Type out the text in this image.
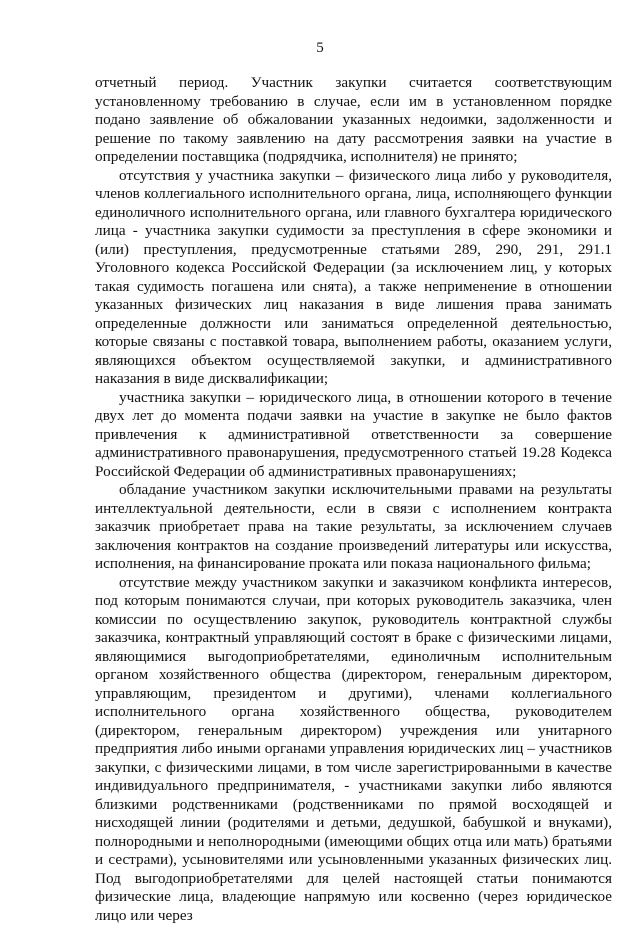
5

отчетный период. Участник закупки считается соответствующим установленному требованию в случае, если им в установленном порядке подано заявление об обжаловании указанных недоимки, задолженности и решение по такому заявлению на дату рассмотрения заявки на участие в определении поставщика (подрядчика, исполнителя) не принято;

отсутствия у участника закупки – физического лица либо у руководителя, членов коллегиального исполнительного органа, лица, исполняющего функции единоличного исполнительного органа, или главного бухгалтера юридического лица - участника закупки судимости за преступления в сфере экономики и (или) преступления, предусмотренные статьями 289, 290, 291, 291.1 Уголовного кодекса Российской Федерации (за исключением лиц, у которых такая судимость погашена или снята), а также неприменение в отношении указанных физических лиц наказания в виде лишения права занимать определенные должности или заниматься определенной деятельностью, которые связаны с поставкой товара, выполнением работы, оказанием услуги, являющихся объектом осуществляемой закупки, и административного наказания в виде дисквалификации;

участника закупки – юридического лица, в отношении которого в течение двух лет до момента подачи заявки на участие в закупке не было фактов привлечения к административной ответственности за совершение административного правонарушения, предусмотренного статьей 19.28 Кодекса Российской Федерации об административных правонарушениях;

обладание участником закупки исключительными правами на результаты интеллектуальной деятельности, если в связи с исполнением контракта заказчик приобретает права на такие результаты, за исключением случаев заключения контрактов на создание произведений литературы или искусства, исполнения, на финансирование проката или показа национального фильма;

отсутствие между участником закупки и заказчиком конфликта интересов, под которым понимаются случаи, при которых руководитель заказчика, член комиссии по осуществлению закупок, руководитель контрактной службы заказчика, контрактный управляющий состоят в браке с физическими лицами, являющимися выгодоприобретателями, единоличным исполнительным органом хозяйственного общества (директором, генеральным директором, управляющим, президентом и другими), членами коллегиального исполнительного органа хозяйственного общества, руководителем (директором, генеральным директором) учреждения или унитарного предприятия либо иными органами управления юридических лиц – участников закупки, с физическими лицами, в том числе зарегистрированными в качестве индивидуального предпринимателя, - участниками закупки либо являются близкими родственниками (родственниками по прямой восходящей и нисходящей линии (родителями и детьми, дедушкой, бабушкой и внуками), полнородными и неполнородными (имеющими общих отца или мать) братьями и сестрами), усыновителями или усыновленными указанных физических лиц. Под выгодоприобретателями для целей настоящей статьи понимаются физические лица, владеющие напрямую или косвенно (через юридическое лицо или через
